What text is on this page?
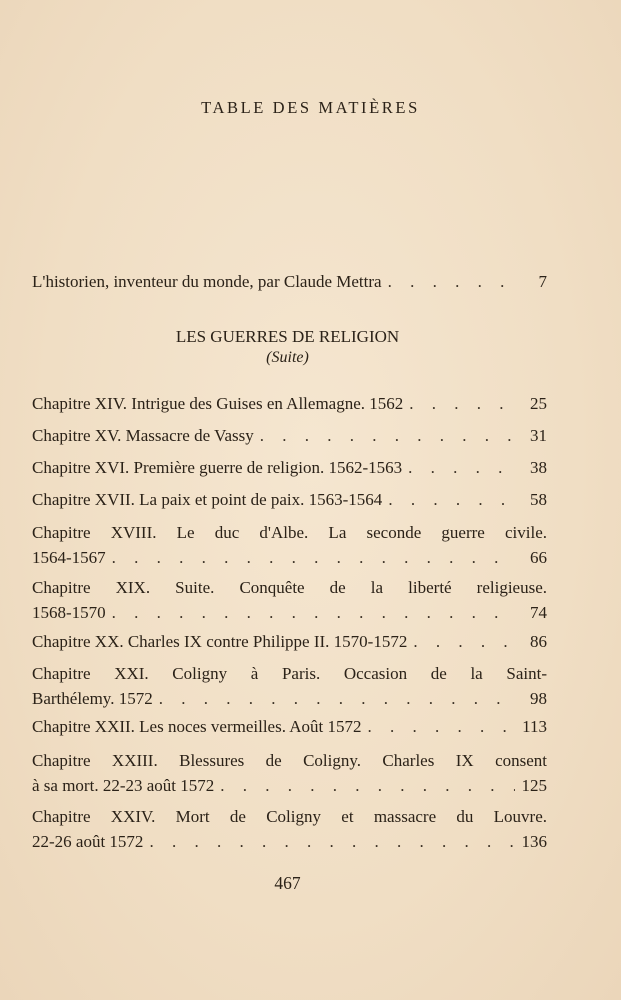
TABLE DES MATIÈRES
L'historien, inventeur du monde, par Claude Mettra . . .	7
LES GUERRES DE RELIGION
(Suite)
Chapitre XIV. Intrigue des Guises en Allemagne. 1562 . . .	25
Chapitre XV. Massacre de Vassy . . .	31
Chapitre XVI. Première guerre de religion. 1562-1563 . . .	38
Chapitre XVII. La paix et point de paix. 1563-1564 . . .	58
Chapitre XVIII. Le duc d'Albe. La seconde guerre civile.
1564-1567 . . .	66
Chapitre XIX. Suite. Conquête de la liberté religieuse.
1568-1570 . . .	74
Chapitre XX. Charles IX contre Philippe II. 1570-1572 . . .	86
Chapitre XXI. Coligny à Paris. Occasion de la Saint-
Barthélemy. 1572 . . .	98
Chapitre XXII. Les noces vermeilles. Août 1572 . . .	113
Chapitre XXIII. Blessures de Coligny. Charles IX consent
à sa mort. 22-23 août 1572 . . .	125
Chapitre XXIV. Mort de Coligny et massacre du Louvre.
22-26 août 1572 . . .	136
467
